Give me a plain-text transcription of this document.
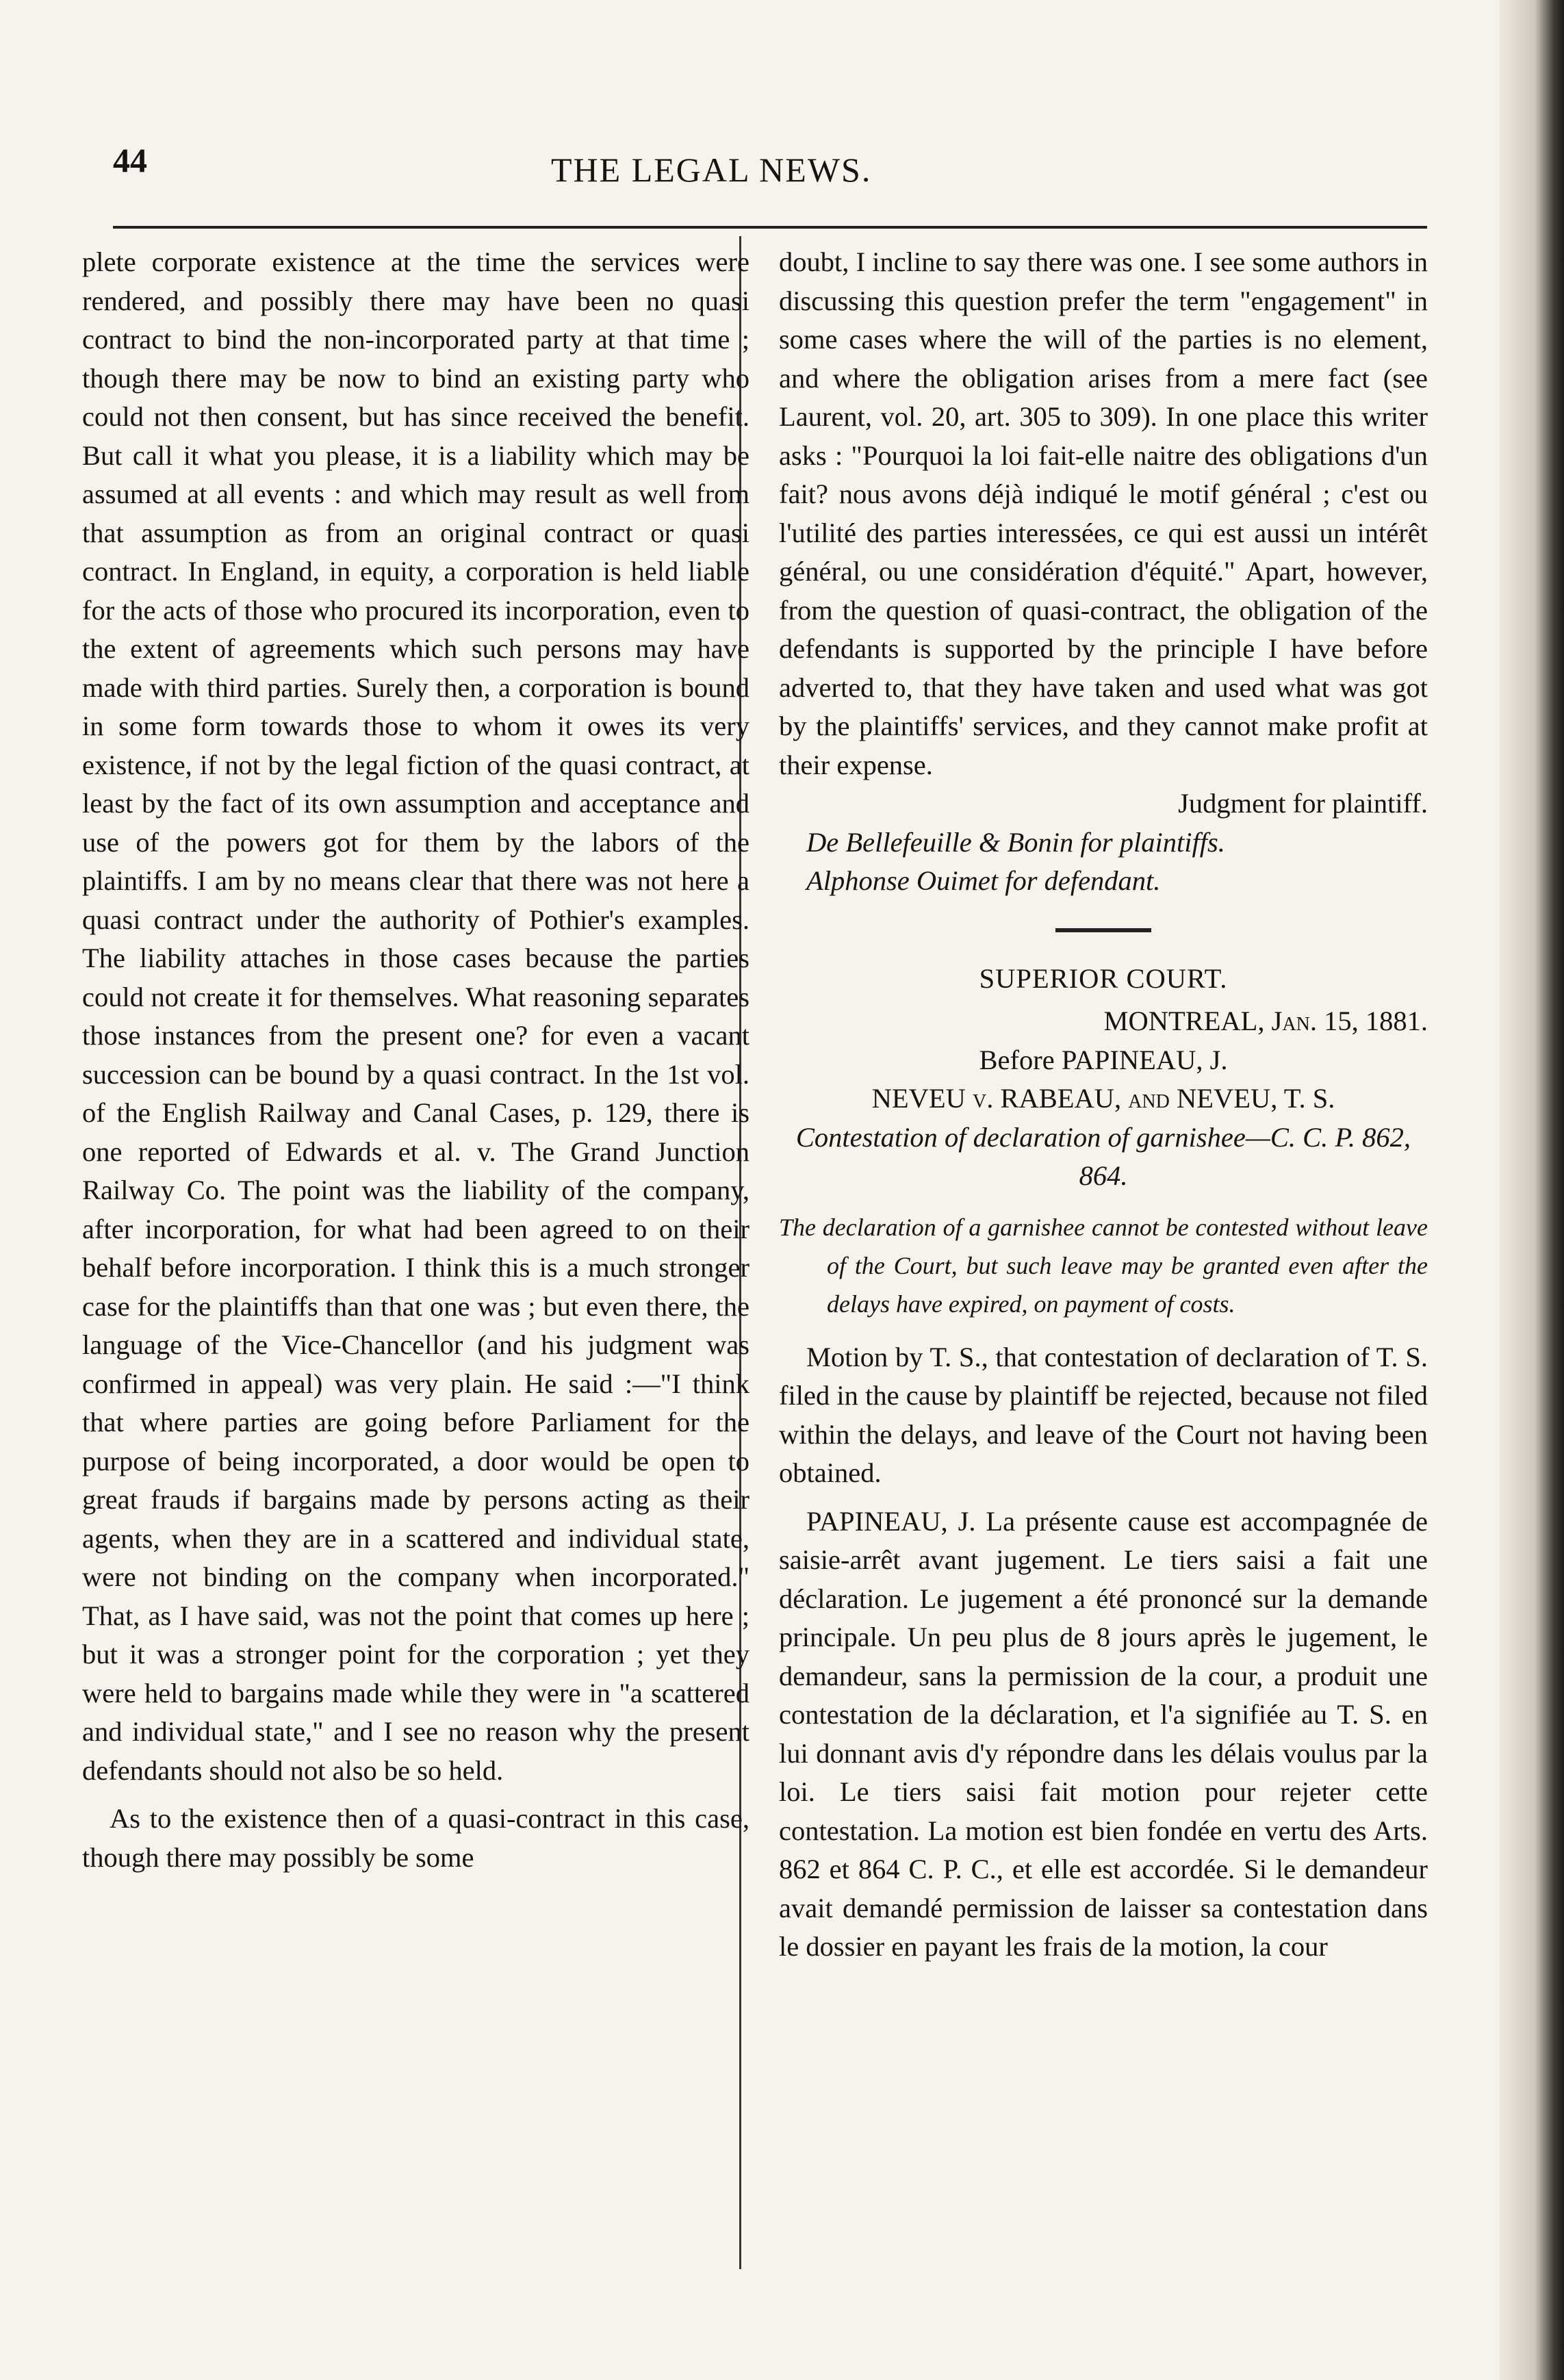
44	THE LEGAL NEWS.

plete corporate existence at the time the services were rendered, and possibly there may have been no quasi contract to bind the non-incorporated party at that time ; though there may be now to bind an existing party who could not then consent, but has since received the benefit. But call it what you please, it is a liability which may be assumed at all events : and which may result as well from that assumption as from an original contract or quasi contract. In England, in equity, a corporation is held liable for the acts of those who procured its incorporation, even to the extent of agreements which such persons may have made with third parties. Surely then, a corporation is bound in some form towards those to whom it owes its very existence, if not by the legal fiction of the quasi contract, at least by the fact of its own assumption and acceptance and use of the powers got for them by the labors of the plaintiffs. I am by no means clear that there was not here a quasi contract under the authority of Pothier's examples. The liability attaches in those cases because the parties could not create it for themselves. What reasoning separates those instances from the present one? for even a vacant succession can be bound by a quasi contract. In the 1st vol. of the English Railway and Canal Cases, p. 129, there is one reported of Edwards et al. v. The Grand Junction Railway Co. The point was the liability of the company, after incorporation, for what had been agreed to on their behalf before incorporation. I think this is a much stronger case for the plaintiffs than that one was ; but even there, the language of the Vice-Chancellor (and his judgment was confirmed in appeal) was very plain. He said :—"I think that where parties are going before Parliament for the purpose of being incorporated, a door would be open to great frauds if bargains made by persons acting as their agents, when they are in a scattered and individual state, were not binding on the company when incorporated." That, as I have said, was not the point that comes up here ; but it was a stronger point for the corporation ; yet they were held to bargains made while they were in "a scattered and individual state," and I see no reason why the present defendants should not also be so held.

As to the existence then of a quasi-contract in this case, though there may possibly be some

doubt, I incline to say there was one. I see some authors in discussing this question prefer the term "engagement" in some cases where the will of the parties is no element, and where the obligation arises from a mere fact (see Laurent, vol. 20, art. 305 to 309). In one place this writer asks : "Pourquoi la loi fait-elle naitre des obligations d'un fait? nous avons déjà indiqué le motif général ; c'est ou l'utilité des parties interessées, ce qui est aussi un intérêt général, ou une considération d'équité." Apart, however, from the question of quasi-contract, the obligation of the defendants is supported by the principle I have before adverted to, that they have taken and used what was got by the plaintiffs' services, and they cannot make profit at their expense.

Judgment for plaintiff.

De Bellefeuille & Bonin for plaintiffs.

Alphonse Ouimet for defendant.

SUPERIOR COURT.

MONTREAL, Jan. 15, 1881.

Before PAPINEAU, J.

NEVEU v. RABEAU, and NEVEU, T. S.

Contestation of declaration of garnishee—C. C. P. 862, 864.

The declaration of a garnishee cannot be contested without leave of the Court, but such leave may be granted even after the delays have expired, on payment of costs.

Motion by T. S., that contestation of declaration of T. S. filed in the cause by plaintiff be rejected, because not filed within the delays, and leave of the Court not having been obtained.

PAPINEAU, J. La présente cause est accompagnée de saisie-arrêt avant jugement. Le tiers saisi a fait une déclaration. Le jugement a été prononcé sur la demande principale. Un peu plus de 8 jours après le jugement, le demandeur, sans la permission de la cour, a produit une contestation de la déclaration, et l'a signifiée au T. S. en lui donnant avis d'y répondre dans les délais voulus par la loi. Le tiers saisi fait motion pour rejeter cette contestation. La motion est bien fondée en vertu des Arts. 862 et 864 C. P. C., et elle est accordée. Si le demandeur avait demandé permission de laisser sa contestation dans le dossier en payant les frais de la motion, la cour
